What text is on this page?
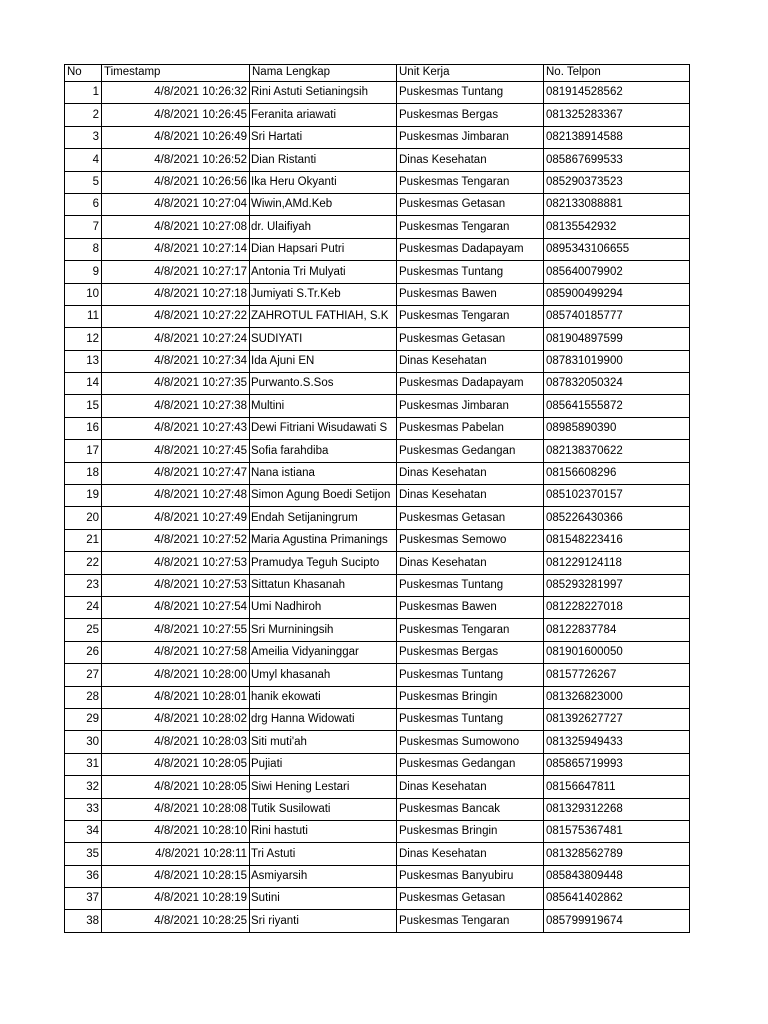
No	Timestamp	Nama Lengkap	Unit Kerja	No. Telpon
1	4/8/2021 10:26:32	Rini Astuti Setianingsih	Puskesmas Tuntang	081914528562
2	4/8/2021 10:26:45	Feranita ariawati	Puskesmas Bergas	081325283367
3	4/8/2021 10:26:49	Sri Hartati	Puskesmas Jimbaran	082138914588
4	4/8/2021 10:26:52	Dian Ristanti	Dinas Kesehatan	085867699533
5	4/8/2021 10:26:56	Ika Heru Okyanti	Puskesmas Tengaran	085290373523
6	4/8/2021 10:27:04	Wiwin,AMd.Keb	Puskesmas Getasan	082133088881
7	4/8/2021 10:27:08	dr. Ulaifiyah	Puskesmas Tengaran	08135542932
8	4/8/2021 10:27:14	Dian Hapsari Putri	Puskesmas Dadapayam	0895343106655
9	4/8/2021 10:27:17	Antonia Tri Mulyati	Puskesmas Tuntang	085640079902
10	4/8/2021 10:27:18	Jumiyati S.Tr.Keb	Puskesmas Bawen	085900499294
11	4/8/2021 10:27:22	ZAHROTUL FATHIAH, S.K	Puskesmas Tengaran	085740185777
12	4/8/2021 10:27:24	SUDIYATI	Puskesmas Getasan	081904897599
13	4/8/2021 10:27:34	Ida Ajuni EN	Dinas Kesehatan	087831019900
14	4/8/2021 10:27:35	Purwanto.S.Sos	Puskesmas Dadapayam	087832050324
15	4/8/2021 10:27:38	Multini	Puskesmas Jimbaran	085641555872
16	4/8/2021 10:27:43	Dewi Fitriani Wisudawati S	Puskesmas Pabelan	08985890390
17	4/8/2021 10:27:45	Sofia farahdiba	Puskesmas Gedangan	082138370622
18	4/8/2021 10:27:47	Nana istiana	Dinas Kesehatan	08156608296
19	4/8/2021 10:27:48	Simon Agung Boedi Setijon	Dinas Kesehatan	085102370157
20	4/8/2021 10:27:49	Endah Setijaningrum	Puskesmas Getasan	085226430366
21	4/8/2021 10:27:52	Maria Agustina Primanings	Puskesmas Semowo	081548223416
22	4/8/2021 10:27:53	Pramudya Teguh Sucipto	Dinas Kesehatan	081229124118
23	4/8/2021 10:27:53	Sittatun Khasanah	Puskesmas Tuntang	085293281997
24	4/8/2021 10:27:54	Umi Nadhiroh	Puskesmas Bawen	081228227018
25	4/8/2021 10:27:55	Sri Murniningsih	Puskesmas Tengaran	08122837784
26	4/8/2021 10:27:58	Ameilia Vidyaninggar	Puskesmas Bergas	081901600050
27	4/8/2021 10:28:00	Umyl khasanah	Puskesmas Tuntang	08157726267
28	4/8/2021 10:28:01	hanik ekowati	Puskesmas Bringin	081326823000
29	4/8/2021 10:28:02	drg Hanna Widowati	Puskesmas Tuntang	081392627727
30	4/8/2021 10:28:03	Siti muti'ah	Puskesmas Sumowono	081325949433
31	4/8/2021 10:28:05	Pujiati	Puskesmas Gedangan	085865719993
32	4/8/2021 10:28:05	Siwi Hening Lestari	Dinas Kesehatan	08156647811
33	4/8/2021 10:28:08	Tutik Susilowati	Puskesmas Bancak	081329312268
34	4/8/2021 10:28:10	Rini hastuti	Puskesmas Bringin	081575367481
35	4/8/2021 10:28:11	Tri Astuti	Dinas Kesehatan	081328562789
36	4/8/2021 10:28:15	Asmiyarsih	Puskesmas Banyubiru	085843809448
37	4/8/2021 10:28:19	Sutini	Puskesmas Getasan	085641402862
38	4/8/2021 10:28:25	Sri riyanti	Puskesmas Tengaran	085799919674
